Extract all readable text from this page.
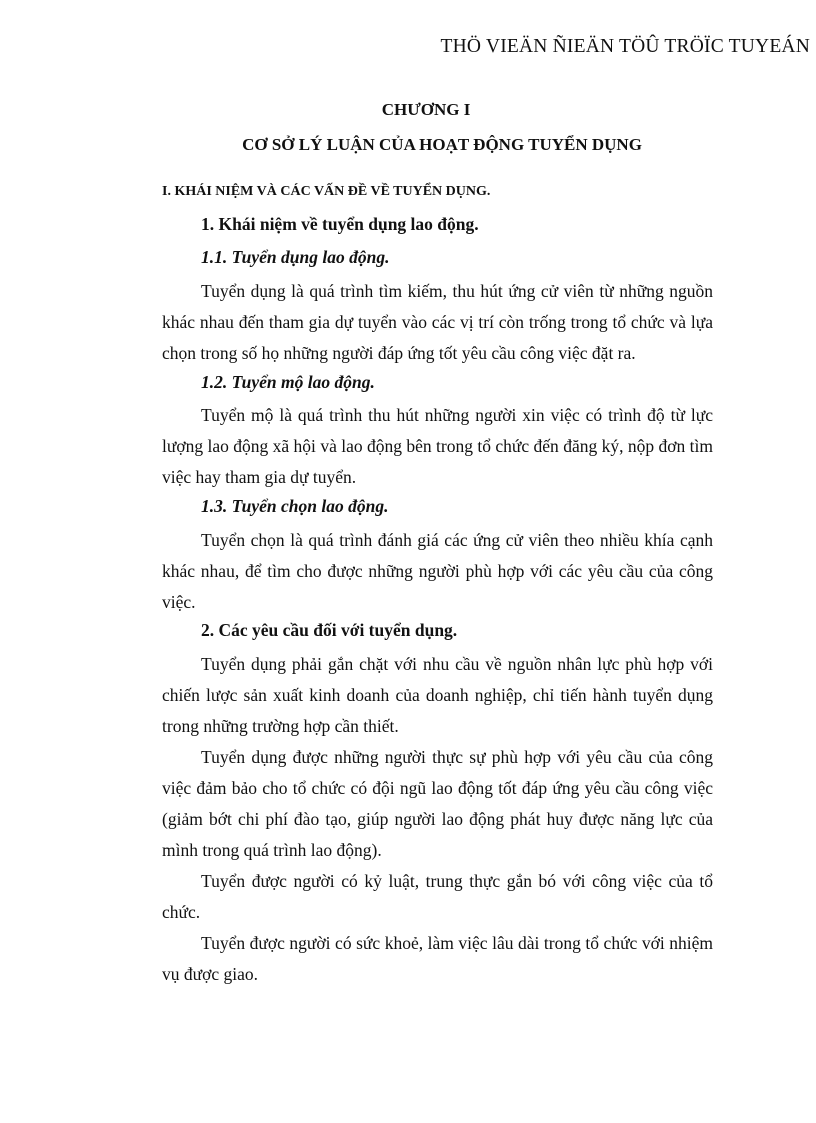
THÖ VIEÄN ÑIEÄN TÖÛ TRÖÏC TUYEÁN
CHƯƠNG I
CƠ SỞ LÝ LUẬN CỦA HOẠT ĐỘNG TUYỂN DỤNG
I. KHÁI NIỆM VÀ CÁC VẤN ĐỀ VỀ TUYỂN DỤNG.
1. Khái niệm về tuyển dụng lao động.
1.1. Tuyển dụng lao động.

Tuyển dụng là quá trình tìm kiếm, thu hút ứng cử viên từ những nguồn khác nhau đến tham gia dự tuyển vào các vị trí còn trống trong tổ chức và lựa chọn trong số họ những người đáp ứng tốt yêu cầu công việc đặt ra.

1.2. Tuyển mộ lao động.

Tuyển mộ là quá trình thu hút những người xin việc có trình độ từ lực lượng lao động xã hội và lao động bên trong tổ chức đến đăng ký, nộp đơn tìm việc hay tham gia dự tuyển.

1.3. Tuyển chọn lao động.

Tuyển chọn là quá trình đánh giá các ứng cử viên theo nhiều khía cạnh khác nhau, để tìm cho được những người phù hợp với các yêu cầu của công việc.

2. Các yêu cầu đối với tuyển dụng.

Tuyển dụng phải gắn chặt với nhu cầu về nguồn nhân lực phù hợp với chiến lược sản xuất kinh doanh của doanh nghiệp, chỉ tiến hành tuyển dụng trong những trường hợp cần thiết.

Tuyển dụng được những người thực sự phù hợp với yêu cầu của công việc đảm bảo cho tổ chức có đội ngũ lao động tốt đáp ứng yêu cầu công việc (giảm bớt chi phí đào tạo, giúp người lao động phát huy được năng lực của mình trong quá trình lao động).

Tuyển được người có kỷ luật, trung thực gắn bó với công việc của tổ chức.

Tuyển được người có sức khoẻ, làm việc lâu dài trong tổ chức với nhiệm vụ được giao.
